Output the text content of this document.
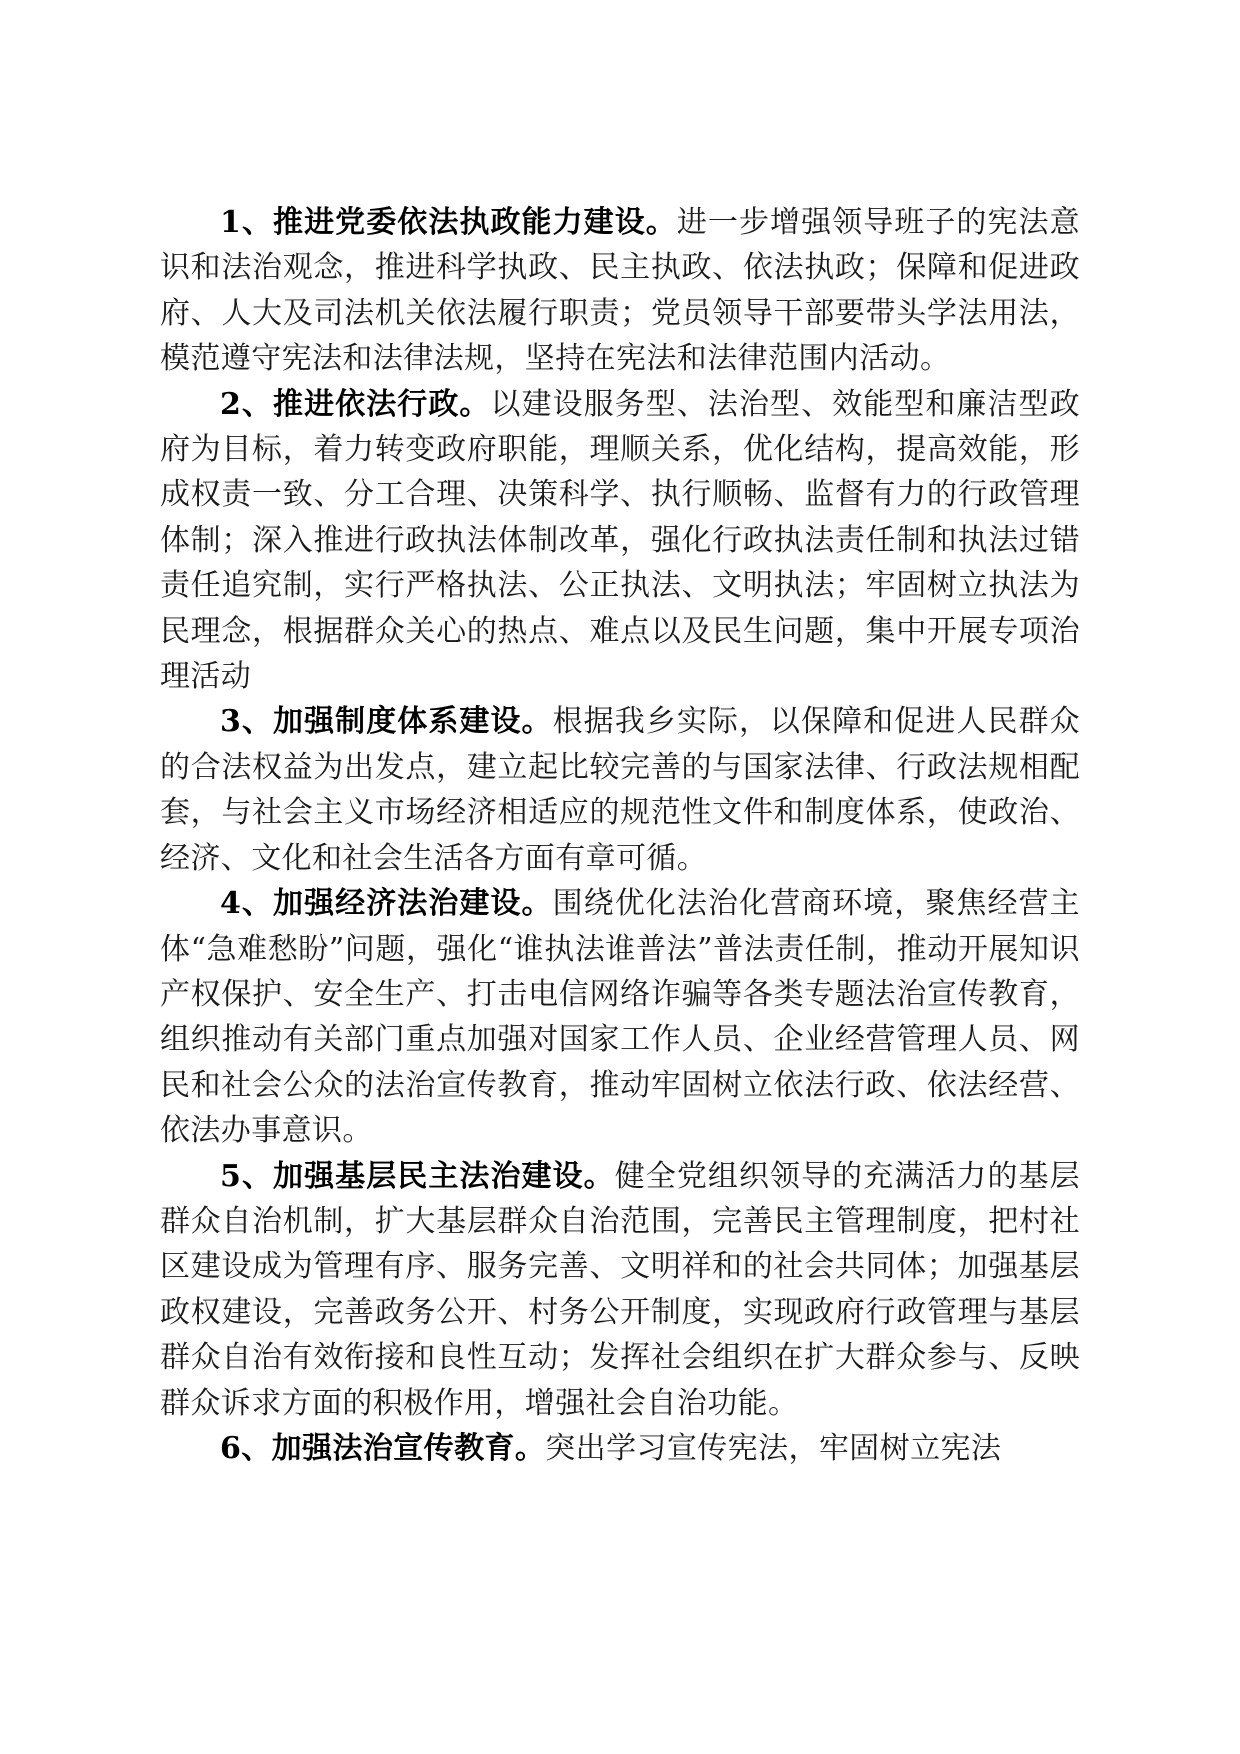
1、推进党委依法执政能力建设。进一步增强领导班子的宪法意识和法治观念，推进科学执政、民主执政、依法执政；保障和促进政府、人大及司法机关依法履行职责；党员领导干部要带头学法用法，模范遵守宪法和法律法规，坚持在宪法和法律范围内活动。

2、推进依法行政。以建设服务型、法治型、效能型和廉洁型政府为目标，着力转变政府职能，理顺关系，优化结构，提高效能，形成权责一致、分工合理、决策科学、执行顺畅、监督有力的行政管理体制；深入推进行政执法体制改革，强化行政执法责任制和执法过错责任追究制，实行严格执法、公正执法、文明执法；牢固树立执法为民理念，根据群众关心的热点、难点以及民生问题，集中开展专项治理活动

3、加强制度体系建设。根据我乡实际，以保障和促进人民群众的合法权益为出发点，建立起比较完善的与国家法律、行政法规相配套，与社会主义市场经济相适应的规范性文件和制度体系，使政治、经济、文化和社会生活各方面有章可循。

4、加强经济法治建设。围绕优化法治化营商环境，聚焦经营主体“急难愁盼”问题，强化“谁执法谁普法”普法责任制，推动开展知识产权保护、安全生产、打击电信网络诈骗等各类专题法治宣传教育，组织推动有关部门重点加强对国家工作人员、企业经营管理人员、网民和社会公众的法治宣传教育，推动牢固树立依法行政、依法经营、依法办事意识。

5、加强基层民主法治建设。健全党组织领导的充满活力的基层群众自治机制，扩大基层群众自治范围，完善民主管理制度，把村社区建设成为管理有序、服务完善、文明祥和的社会共同体；加强基层政权建设，完善政务公开、村务公开制度，实现政府行政管理与基层群众自治有效衔接和良性互动；发挥社会组织在扩大群众参与、反映群众诉求方面的积极作用，增强社会自治功能。

6、加强法治宣传教育。突出学习宣传宪法，牢固树立宪法
